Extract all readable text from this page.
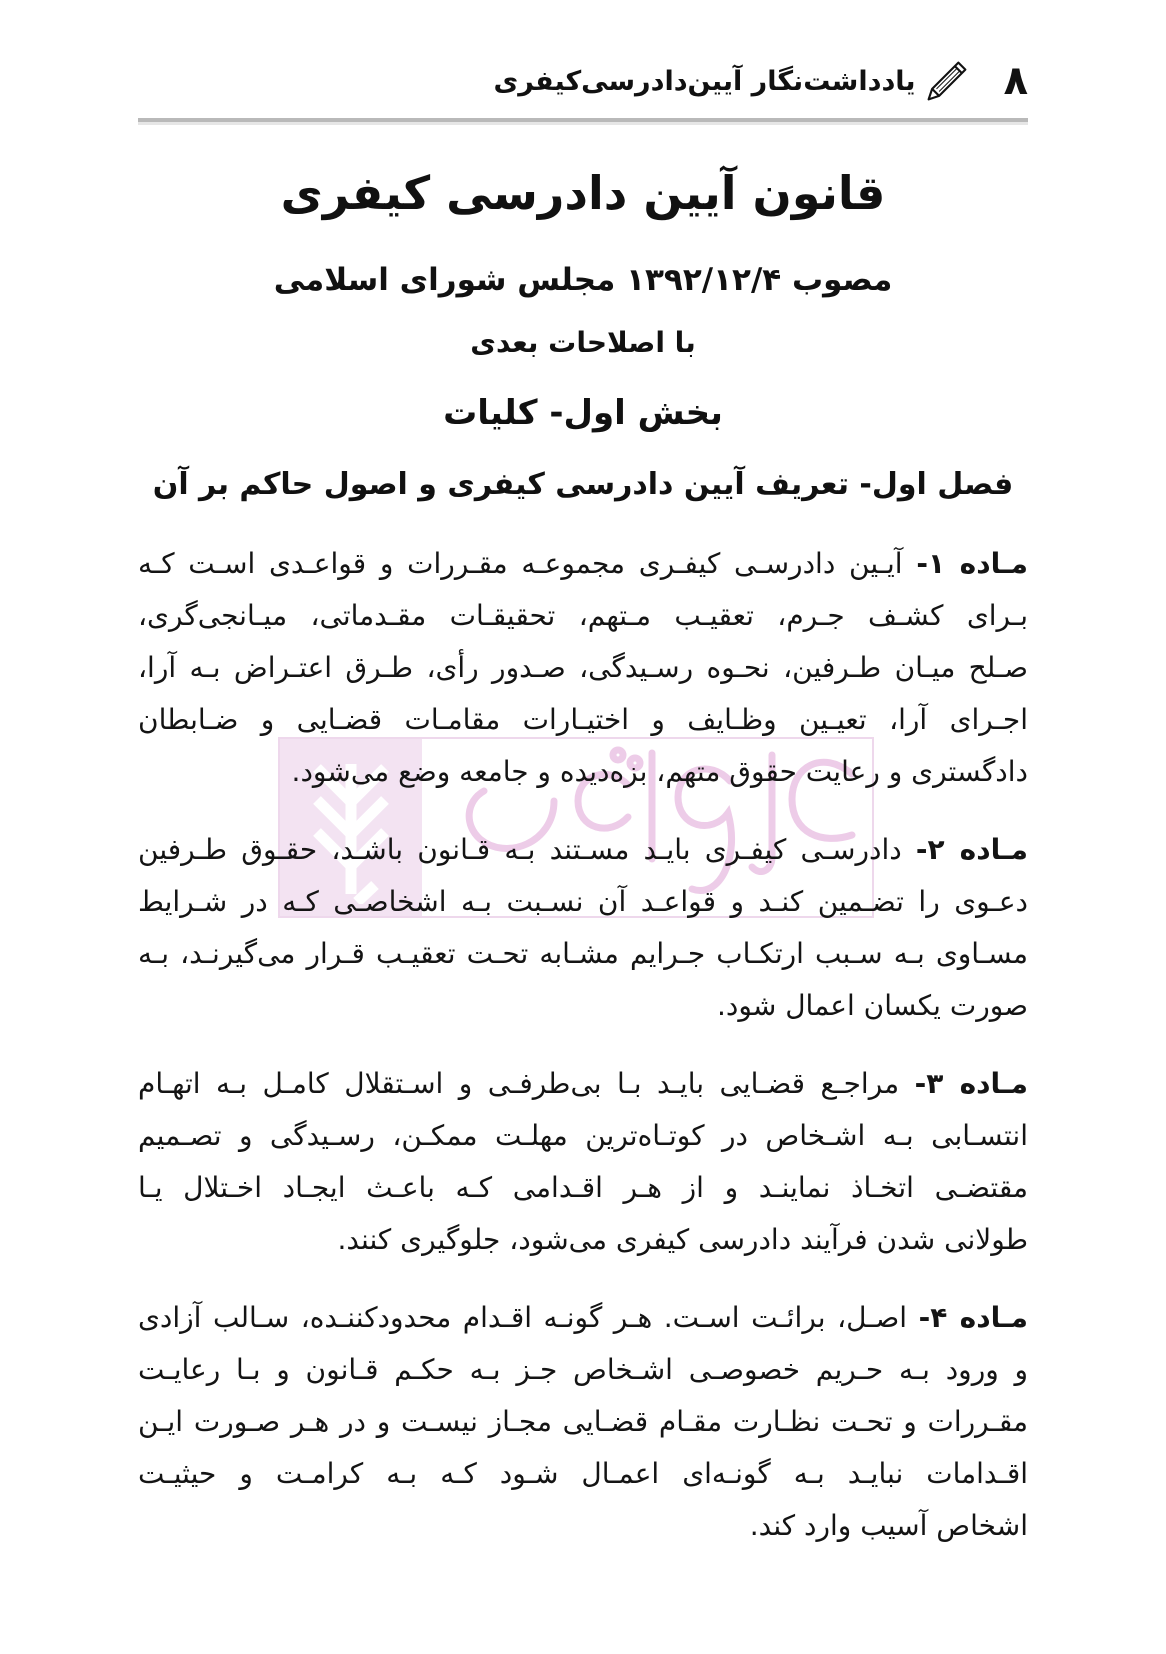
۸
یادداشت‌نگار آیین‌دادرسی‌کیفری
قانون آیین دادرسی کیفری
مصوب ۱۳۹۲/۱۲/۴ مجلس شورای اسلامی
با اصلاحات بعدی
بخش اول- کلیات
فصل اول- تعریف آیین دادرسی کیفری و اصول حاکم بر آن
مـاده ۱- آیـین دادرسـی کیفـری مجموعـه مقـررات و قواعـدی اسـت کـه
بـرای کشـف جـرم، تعقیـب مـتهم، تحقیقـات مقـدماتی، میـانجی‌گری،
صـلح میـان طـرفین، نحـوه رسـیدگی، صـدور رأی، طـرق اعتـراض بـه آرا،
اجـرای آرا، تعیـین وظـایف و اختیـارات مقامـات قضـایی و ضـابطان
دادگستری و رعایت حقوق متهم، بزه‌دیده و جامعه وضع می‌شود.
مـاده ۲- دادرسـی کیفـری بایـد مسـتند بـه قـانون باشـد، حقـوق طـرفین
دعـوی را تضـمین کنـد و قواعـد آن نسـبت بـه اشخاصـی کـه در شـرایط
مسـاوی بـه سـبب ارتکـاب جـرایم مشـابه تحـت تعقیـب قـرار می‌گیرنـد، بـه
صورت یکسان اعمال شود.
مـاده ۳- مراجـع قضـایی بایـد بـا بی‌طرفـی و اسـتقلال کامـل بـه اتهـام
انتسـابی بـه اشـخاص در کوتـاه‌ترین مهلـت ممکـن، رسـیدگی و تصـمیم
مقتضـی اتخـاذ نماینـد و از هـر اقـدامی کـه باعـث ایجـاد اخـتلال یـا
طولانی شدن فرآیند دادرسی کیفری می‌شود، جلوگیری کنند.
مـاده ۴- اصـل، برائـت اسـت. هـر گونـه اقـدام محدودکننـده، سـالب آزادی
و ورود بـه حـریم خصوصـی اشـخاص جـز بـه حکـم قـانون و بـا رعایـت
مقـررات و تحـت نظـارت مقـام قضـایی مجـاز نیسـت و در هـر صـورت ایـن
اقـدامات نبایـد بـه گونـه‌ای اعمـال شـود کـه بـه کرامـت و حیثیـت
اشخاص آسیب وارد کند.
